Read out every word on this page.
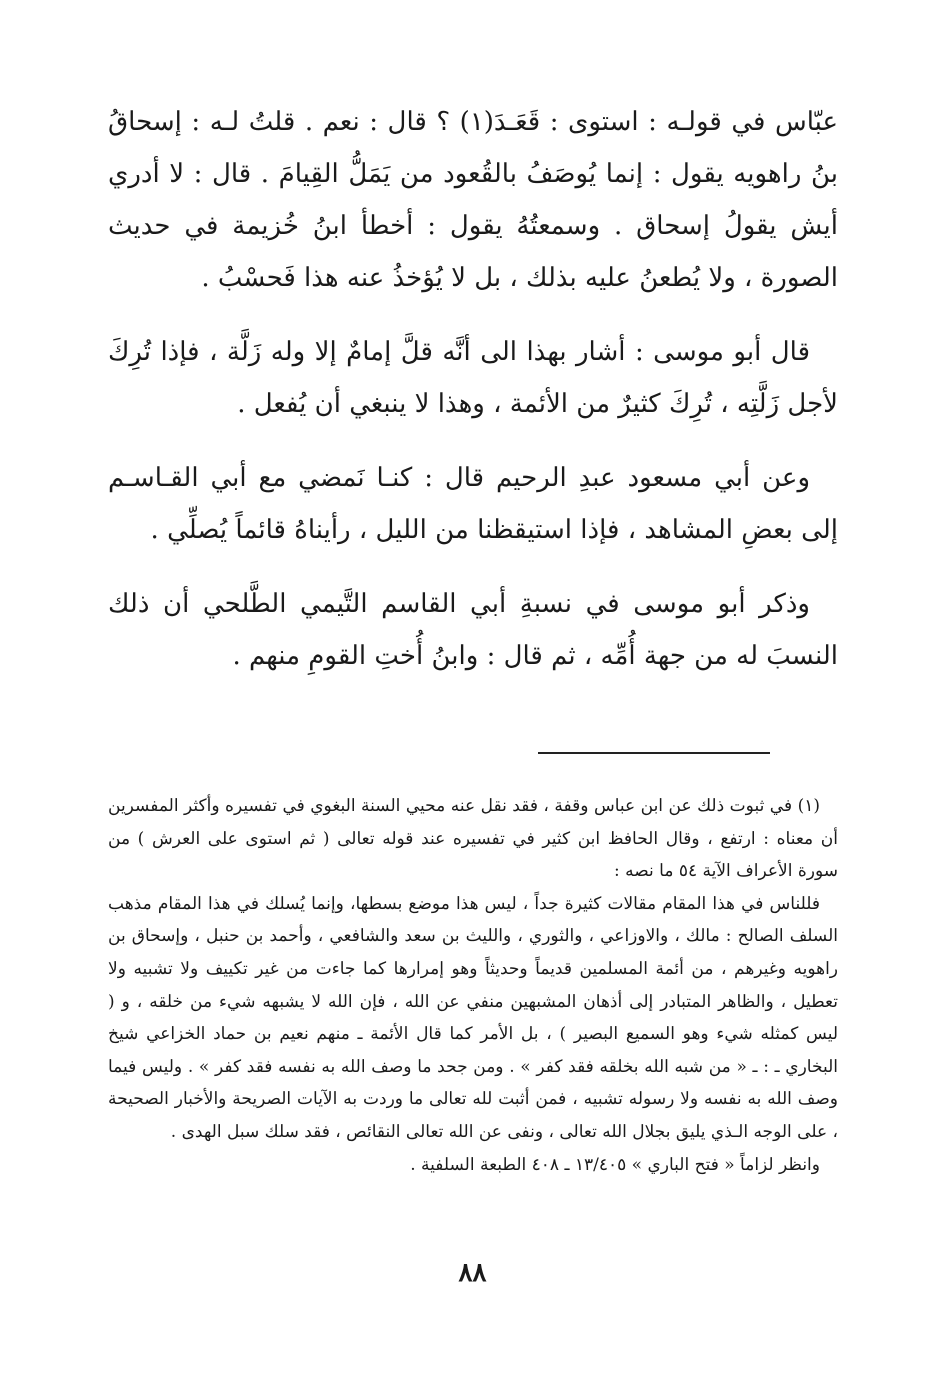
عبّاس في قولـه : استوى : قَعَـدَ(١) ؟ قال : نعم . قلتُ لـه : إسحاقُ بنُ راهويه يقول : إنما يُوصَفُ بالقُعود من يَمَلُّ القِيامَ . قال : لا أدري أيش يقولُ إسحاق . وسمعتُهُ يقول : أخطأ ابنُ خُزيمة في حديث الصورة ، ولا يُطعنُ عليه بذلك ، بل لا يُؤخذُ عنه هذا فَحسْبُ .

قال أبو موسى : أشار بهذا الى أنَّه قلَّ إمامٌ إلا وله زَلَّة ، فإذا تُرِكَ لأجل زَلَّتِه ، تُرِكَ كثيرٌ من الأئمة ، وهذا لا ينبغي أن يُفعل .

وعن أبي مسعود عبدِ الرحيم قال : كنـا نَمضي مع أبي القـاسـم إلى بعضِ المشاهد ، فإذا استيقظنا من الليل ، رأيناهُ قائماً يُصلِّي .

وذكر أبو موسى في نسبةِ أبي القاسم التَّيمي الطَّلحي أن ذلك النسبَ له من جهة أُمِّه ، ثم قال : وابنُ أُختِ القومِ منهم .

(١) في ثبوت ذلك عن ابن عباس وقفة ، فقد نقل عنه محيي السنة البغوي في تفسيره وأكثر المفسرين أن معناه : ارتفع ، وقال الحافظ ابن كثير في تفسيره عند قوله تعالى ( ثم استوى على العرش ) من سورة الأعراف الآية ٥٤ ما نصه :

فللناس في هذا المقام مقالات كثيرة جداً ، ليس هذا موضع بسطها، وإنما يُسلك في هذا المقام مذهب السلف الصالح : مالك ، والاوزاعي ، والثوري ، والليث بن سعد والشافعي ، وأحمد بن حنبل ، وإسحاق بن راهويه وغيرهم ، من أئمة المسلمين قديماً وحديثاً وهو إمرارها كما جاءت من غير تكييف ولا تشبيه ولا تعطيل ، والظاهر المتبادر إلى أذهان المشبهين منفي عن الله ، فإن الله لا يشبهه شيء من خلقه ، و ( ليس كمثله شيء وهو السميع البصير ) ، بل الأمر كما قال الأئمة ـ منهم نعيم بن حماد الخزاعي شيخ البخاري ـ : ـ « من شبه الله بخلقه فقد كفر » . ومن جحد ما وصف الله به نفسه فقد كفر » . وليس فيما وصف الله به نفسه ولا رسوله تشبيه ، فمن أثبت لله تعالى ما وردت به الآيات الصريحة والأخبار الصحيحة ، على الوجه الـذي يليق بجلال الله تعالى ، ونفى عن الله تعالى النقائص ، فقد سلك سبل الهدى .

وانظر لزاماً « فتح الباري » ١٣/٤٠٥ ـ ٤٠٨ الطبعة السلفية .

٨٨
